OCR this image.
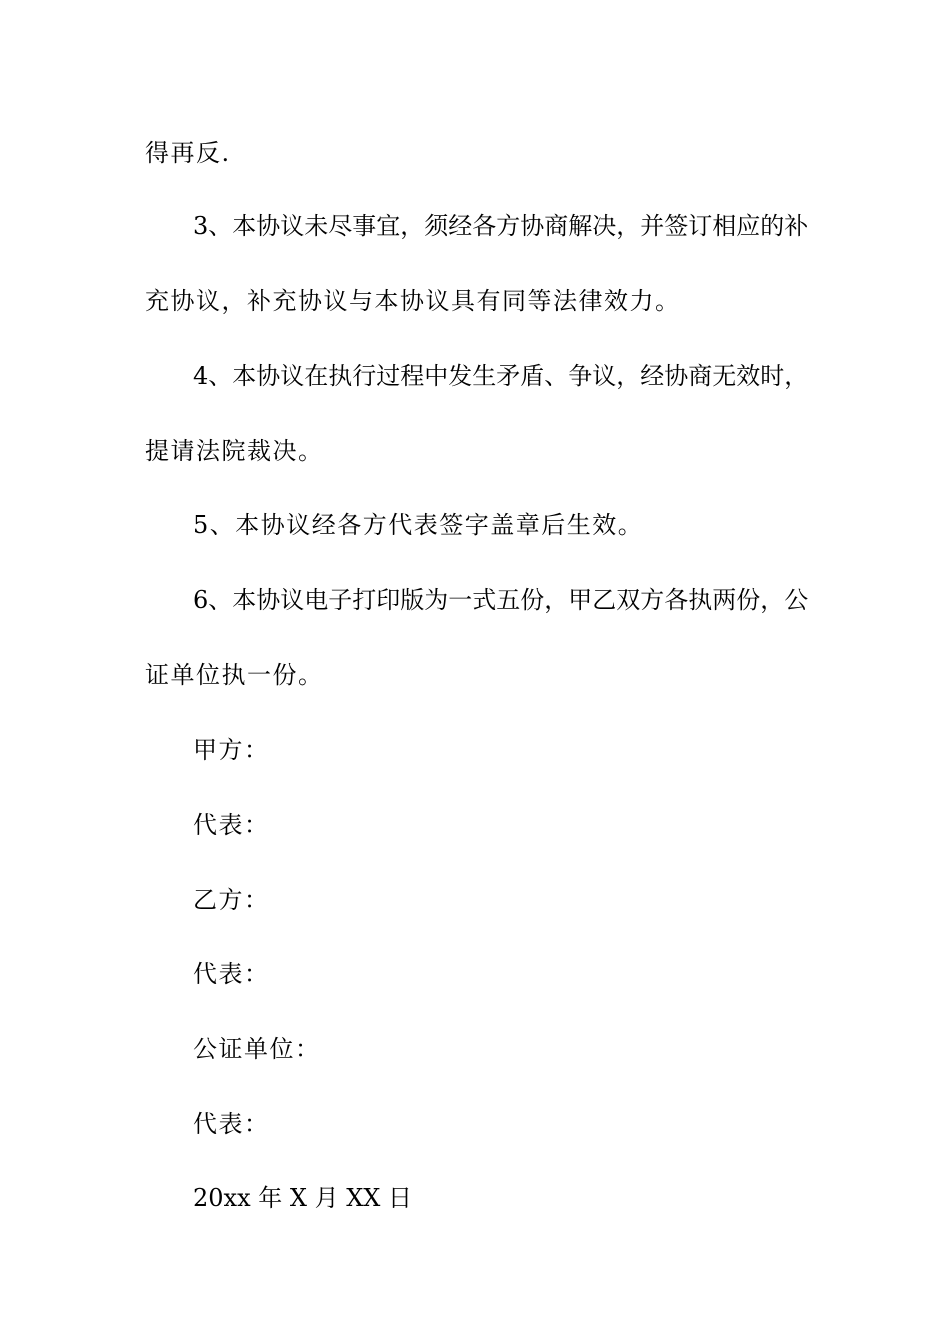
得再反.
3、本协议未尽事宜，须经各方协商解决，并签订相应的补
充协议，补充协议与本协议具有同等法律效力。
4、本协议在执行过程中发生矛盾、争议，经协商无效时，
提请法院裁决。
5、本协议经各方代表签字盖章后生效。
6、本协议电子打印版为一式五份，甲乙双方各执两份，公
证单位执一份。
甲方：
代表：
乙方：
代表：
公证单位：
代表：
20xx 年 X 月 XX 日
